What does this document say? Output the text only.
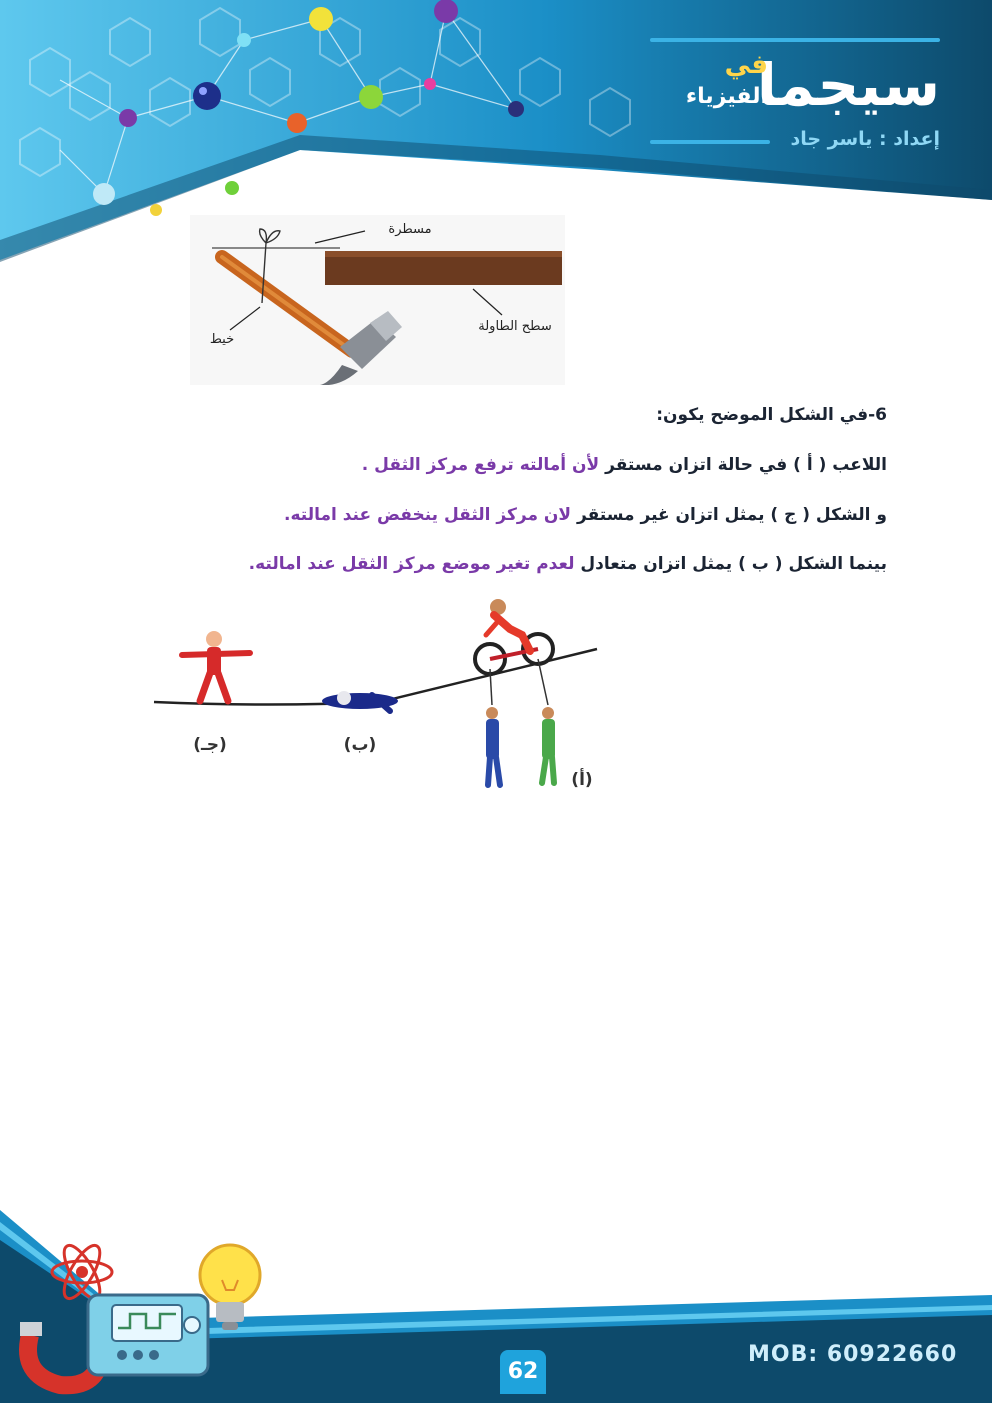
سيجما
في
الفيزياء
إعداد : ياسر جاد
مسطرة
خيط
سطح الطاولة
6-في الشكل الموضح يكون:
اللاعب ( أ ) في حالة اتزان مستقر لأن أمالته ترفع مركز الثقل .
و الشكل ( ج ) يمثل اتزان غير مستقر لان مركز الثقل ينخفض عند امالته.
بينما الشكل ( ب ) يمثل اتزان متعادل لعدم تغير موضع مركز الثقل عند امالته.
(جـ)	(ب)
(أ)
62
MOB: 60922660
